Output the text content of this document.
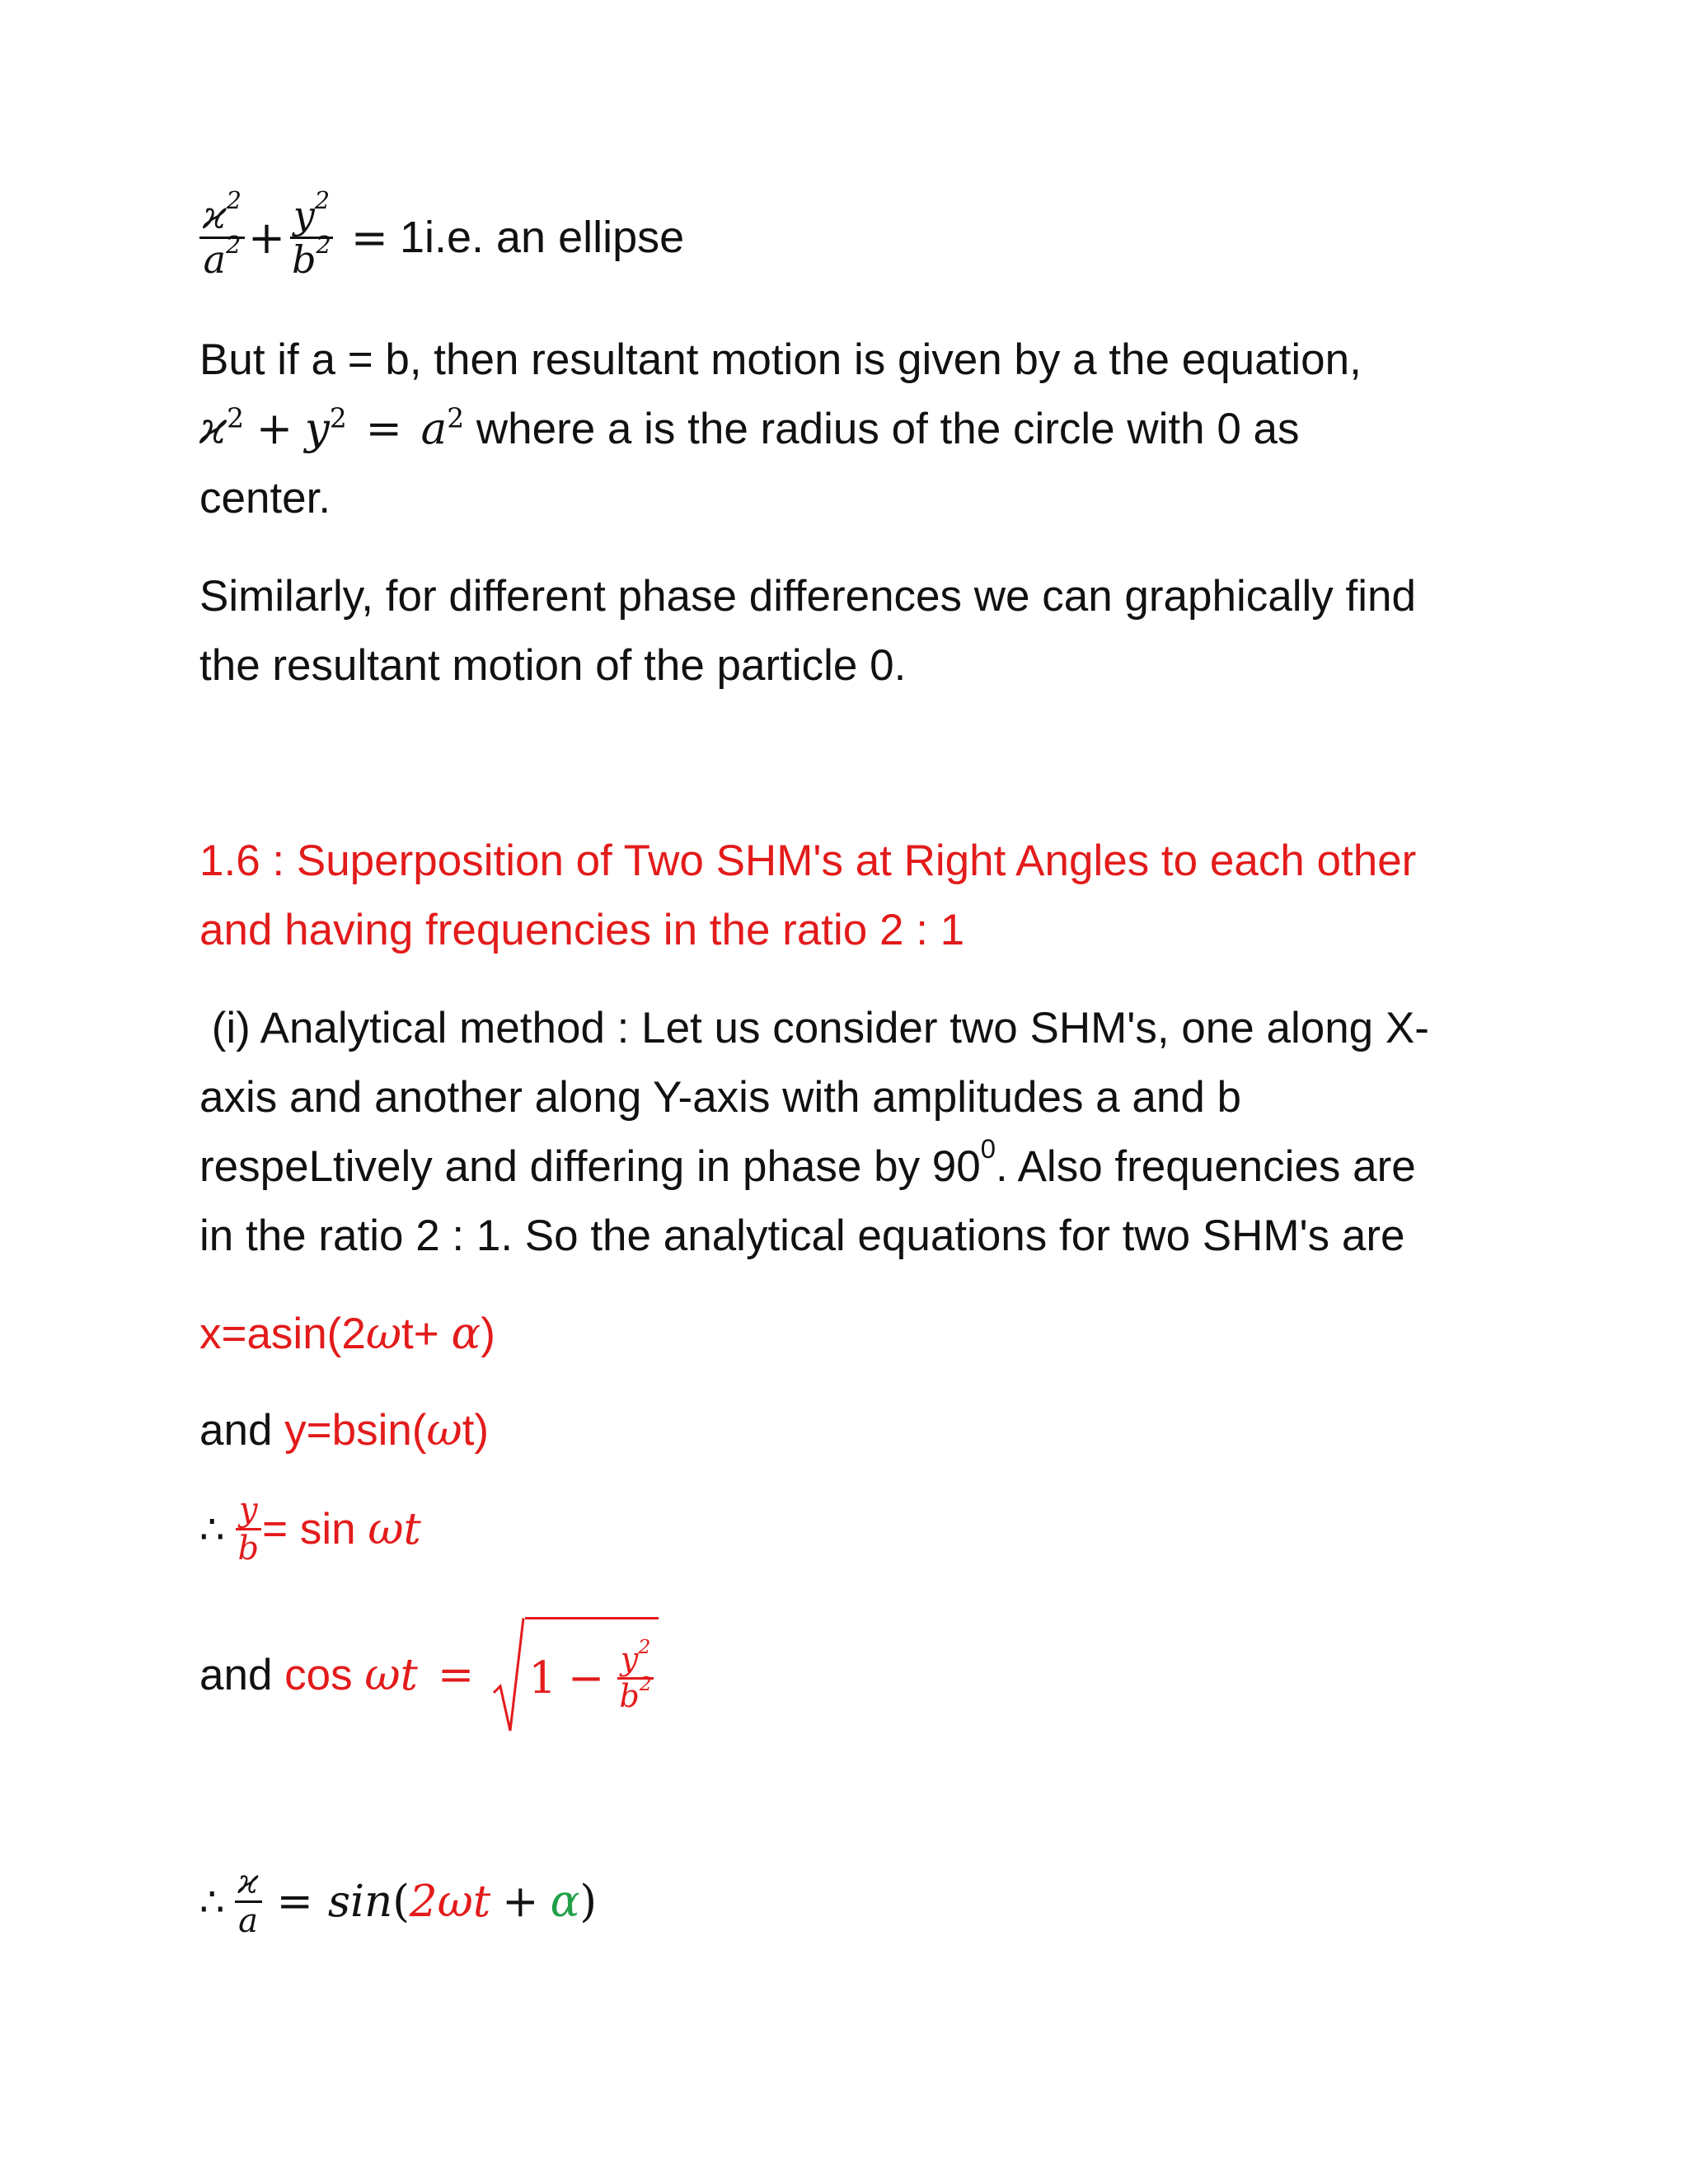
$\frac{ϰ^2}{a^2} + \frac{y^2}{b^2} = 1i.e$. an ellipse
But if a = b, then resultant motion is given by a the equation,
$ϰ^2 + y^2 = a^2$ where a is the radius of the circle with 0 as
center.
Similarly, for different phase differences we can graphically find
the resultant motion of the particle 0.
1.6 : Superposition of Two SHM's at Right Angles to each other
and having frequencies in the ratio 2 : 1
(i) Analytical method : Let us consider two SHM's, one along X-
axis and another along Y-axis with amplitudes a and b
respeLtively and differing in phase by $90^0$. Also frequencies are
in the ratio 2 : 1. So the analytical equations for two SHM's are
x=asin(2ωt+ α)
and y=bsin(ωt)
∴ $\frac{y}{b} = \sin \omega t$
and $\cos \omega t = 1 - \frac{y^2}{b^2}$
∴ $\frac{ϰ}{a} = \sin$ ( 2ωt + α )
